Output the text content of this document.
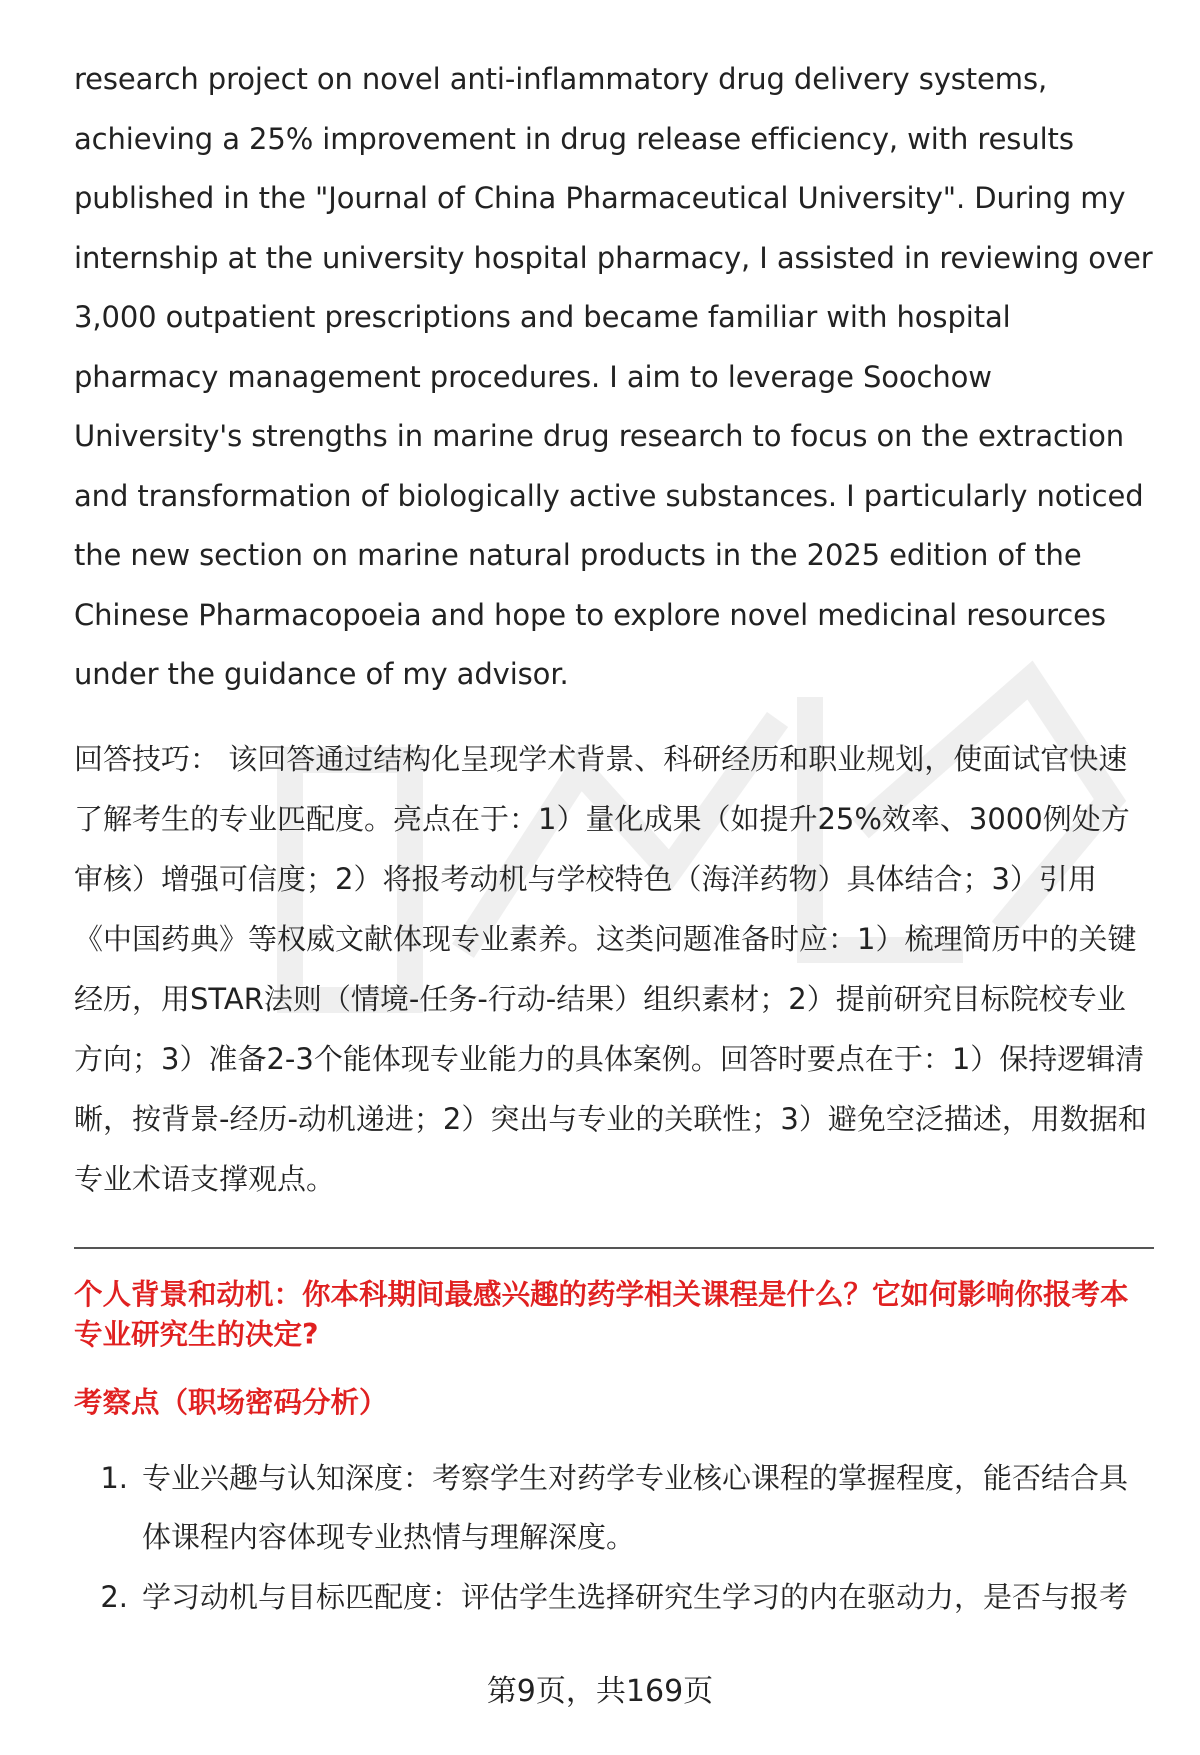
research project on novel anti-inflammatory drug delivery systems, achieving a 25% improvement in drug release efficiency, with results published in the "Journal of China Pharmaceutical University". During my internship at the university hospital pharmacy, I assisted in reviewing over 3,000 outpatient prescriptions and became familiar with hospital pharmacy management procedures. I aim to leverage Soochow University's strengths in marine drug research to focus on the extraction and transformation of biologically active substances. I particularly noticed the new section on marine natural products in the 2025 edition of the Chinese Pharmacopoeia and hope to explore novel medicinal resources under the guidance of my advisor.

回答技巧： 该回答通过结构化呈现学术背景、科研经历和职业规划，使面试官快速了解考生的专业匹配度。亮点在于：1）量化成果（如提升25%效率、3000例处方审核）增强可信度；2）将报考动机与学校特色（海洋药物）具体结合；3）引用《中国药典》等权威文献体现专业素养。这类问题准备时应：1）梳理简历中的关键经历，用STAR法则（情境-任务-行动-结果）组织素材；2）提前研究目标院校专业方向；3）准备2-3个能体现专业能力的具体案例。回答时要点在于：1）保持逻辑清晰，按背景-经历-动机递进；2）突出与专业的关联性；3）避免空泛描述，用数据和专业术语支撑观点。

个人背景和动机：你本科期间最感兴趣的药学相关课程是什么？它如何影响你报考本专业研究生的决定?
考察点（职场密码分析）
1. 专业兴趣与认知深度：考察学生对药学专业核心课程的掌握程度，能否结合具体课程内容体现专业热情与理解深度。
2. 学习动机与目标匹配度：评估学生选择研究生学习的内在驱动力，是否与报考
第9页，共169页
